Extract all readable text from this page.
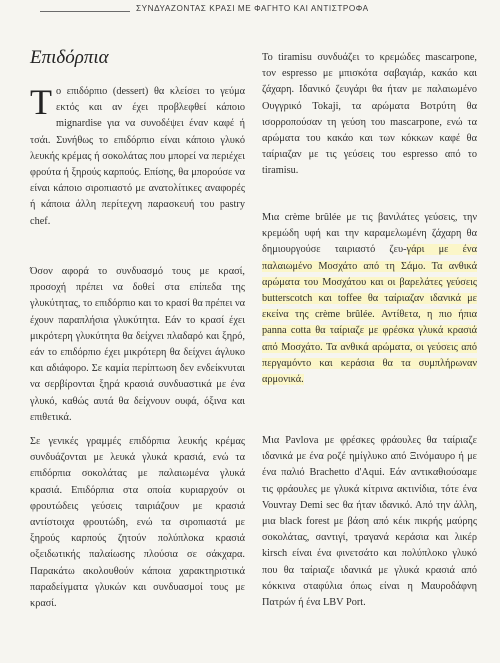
ΣΥΝΔΥΑΖΟΝΤΑΣ ΚΡΑΣΙ ΜΕ ΦΑΓΗΤΟ ΚΑΙ ΑΝΤΙΣΤΡΟΦΑ
Επιδόρπια
Το επιδόρπιο (dessert) θα κλείσει το γεύμα εκτός και αν έχει προβλεφθεί κάποιο mignardise για να συνοδέψει έναν καφέ ή τσάι. Συνήθως το επιδόρπιο είναι κάποιο γλυκό λευκής κρέμας ή σοκολάτας που μπορεί να περιέχει φρούτα ή ξηρούς καρπούς. Επίσης, θα μπορούσε να είναι κάποιο σιροπιαστό με ανατολίτικες αναφορές ή κάποια άλλη περίτεχνη παρασκευή του pastry chef.
Όσον αφορά το συνδυασμό τους με κρασί, προσοχή πρέπει να δοθεί στα επίπεδα της γλυκύτητας, το επιδόρπιο και το κρασί θα πρέπει να έχουν παραπλήσια γλυκύτητα. Εάν το κρασί έχει μικρότερη γλυκύτητα θα δείχνει πλαδαρό και ξηρό, εάν το επιδόρπιο έχει μικρότερη θα δείχνει άγλυκο και αδιάφορο. Σε καμία περίπτωση δεν ενδείκνυται να σερβίρονται ξηρά κρασιά συνδυαστικά με ένα γλυκό, καθώς αυτά θα δείχνουν ουφά, όξινα και επιθετικά.
Σε γενικές γραμμές επιδόρπια λευκής κρέμας συνδυάζονται με λευκά γλυκά κρασιά, ενώ τα επιδόρπια σοκολάτας με παλαιωμένα γλυκά κρασιά. Επιδόρπια στα οποία κυριαρχούν οι φρουτώδεις γεύσεις ταιριάζουν με κρασιά αντίστοιχα φρουτώδη, ενώ τα σιροπιαστά με ξηρούς καρπούς ζητούν πολύπλοκα κρασιά οξειδωτικής παλαίωσης πλούσια σε σάκχαρα. Παρακάτω ακολουθούν κάποια χαρακτηριστικά παραδείγματα γλυκών και συνδυασμοί τους με κρασί.
Το tiramisu συνδυάζει το κρεμώδες mascarpone, τον espresso με μπισκότα σαβαγιάρ, κακάο και ζάχαρη. Ιδανικό ζευγάρι θα ήταν με παλαιωμένο Ουγγρικό Tokaji, τα αρώματα Βοτρύτη θα ισορροπούσαν τη γεύση του mascarpone, ενώ τα αρώματα του κακάο και των κόκκων καφέ θα ταίριαζαν με τις γεύσεις του espresso από το tiramisu.
Μια crème brûlée με τις βανιλάτες γεύσεις, την κρεμώδη υφή και την καραμελωμένη ζάχαρη θα δημιουργούσε ταιριαστό ζευ-γάρι με ένα παλαιωμένο Μοσχάτο από τη Σάμο. Τα ανθικά αρώματα του Μοσχάτου και οι βαρελάτες γεύσεις butterscotch και toffee θα ταίριαζαν ιδανικά με εκείνα της crème brûlée. Αντίθετα, η πιο ήπια panna cotta θα ταίριαζε με φρέσκα γλυκά κρασιά από Μοσχάτο. Τα ανθικά αρώματα, οι γεύσεις από περγαμόντο και κεράσια θα τα συμπλήρωναν αρμονικά.
Μια Pavlova με φρέσκες φράουλες θα ταίριαζε ιδανικά με ένα ροζέ ημίγλυκο από Ξινόμαυρο ή με ένα παλιό Brachetto d'Aqui. Εάν αντικαθιούσαμε τις φράουλες με γλυκά κίτρινα ακτινίδια, τότε ένα Vouvray Demi sec θα ήταν ιδανικό. Από την άλλη, μια black forest με βάση από κέικ πικρής μαύρης σοκολάτας, σαντιγί, τραγανά κεράσια και λικέρ kirsch είναι ένα φινετσάτο και πολύπλοκο γλυκό που θα ταίριαζε ιδανικά με γλυκά κρασιά από κόκκινα σταφύλια όπως είναι η Μαυροδάφνη Πατρών ή ένα LBV Port.
